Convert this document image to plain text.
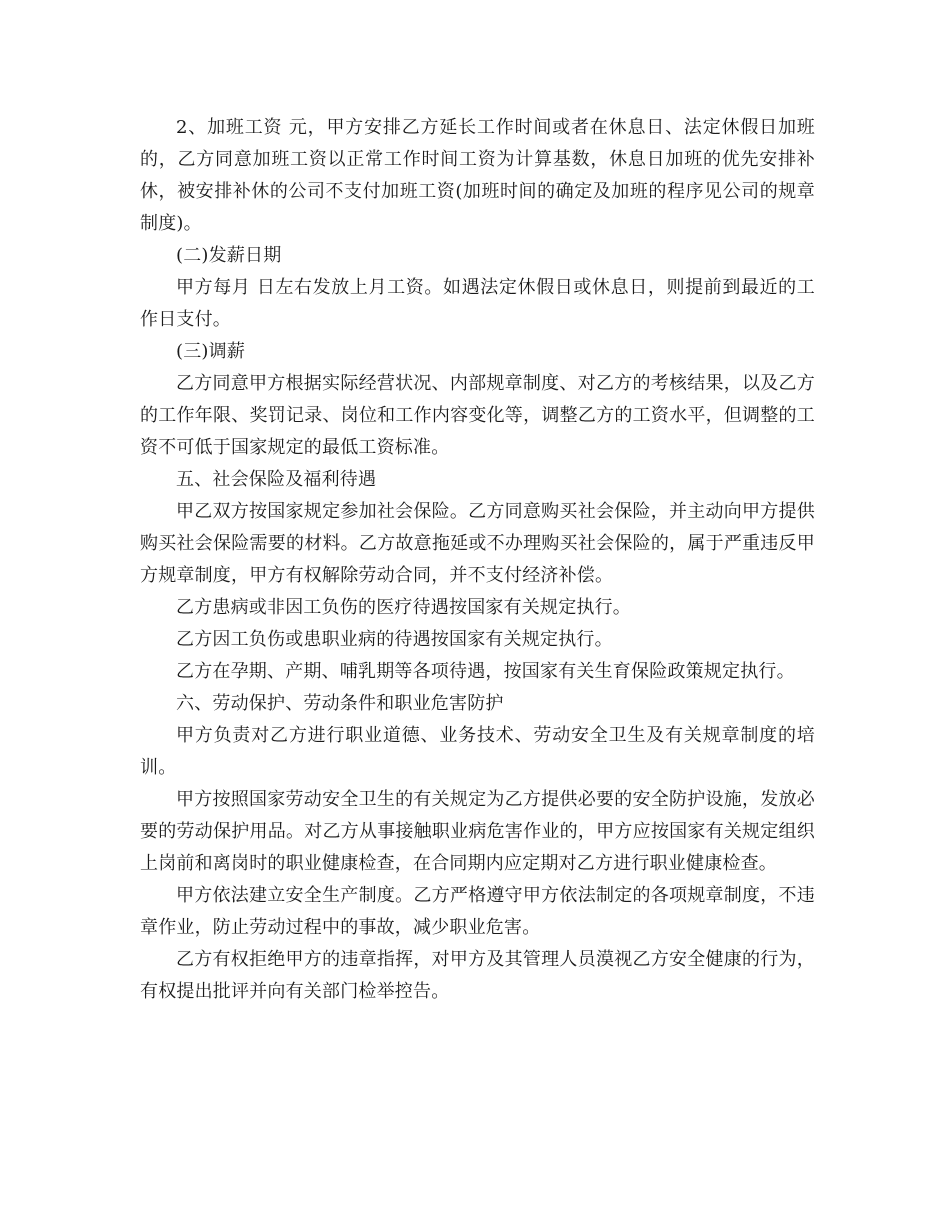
2、加班工资 元，甲方安排乙方延长工作时间或者在休息日、法定休假日加班的，乙方同意加班工资以正常工作时间工资为计算基数，休息日加班的优先安排补休，被安排补休的公司不支付加班工资(加班时间的确定及加班的程序见公司的规章制度)。

(二)发薪日期

甲方每月 日左右发放上月工资。如遇法定休假日或休息日，则提前到最近的工作日支付。

(三)调薪

乙方同意甲方根据实际经营状况、内部规章制度、对乙方的考核结果，以及乙方的工作年限、奖罚记录、岗位和工作内容变化等，调整乙方的工资水平，但调整的工资不可低于国家规定的最低工资标准。

五、社会保险及福利待遇

甲乙双方按国家规定参加社会保险。乙方同意购买社会保险，并主动向甲方提供购买社会保险需要的材料。乙方故意拖延或不办理购买社会保险的，属于严重违反甲方规章制度，甲方有权解除劳动合同，并不支付经济补偿。

乙方患病或非因工负伤的医疗待遇按国家有关规定执行。

乙方因工负伤或患职业病的待遇按国家有关规定执行。

乙方在孕期、产期、哺乳期等各项待遇，按国家有关生育保险政策规定执行。

六、劳动保护、劳动条件和职业危害防护

甲方负责对乙方进行职业道德、业务技术、劳动安全卫生及有关规章制度的培训。

甲方按照国家劳动安全卫生的有关规定为乙方提供必要的安全防护设施，发放必要的劳动保护用品。对乙方从事接触职业病危害作业的，甲方应按国家有关规定组织上岗前和离岗时的职业健康检查，在合同期内应定期对乙方进行职业健康检查。

甲方依法建立安全生产制度。乙方严格遵守甲方依法制定的各项规章制度，不违章作业，防止劳动过程中的事故，减少职业危害。

乙方有权拒绝甲方的违章指挥，对甲方及其管理人员漠视乙方安全健康的行为，有权提出批评并向有关部门检举控告。
